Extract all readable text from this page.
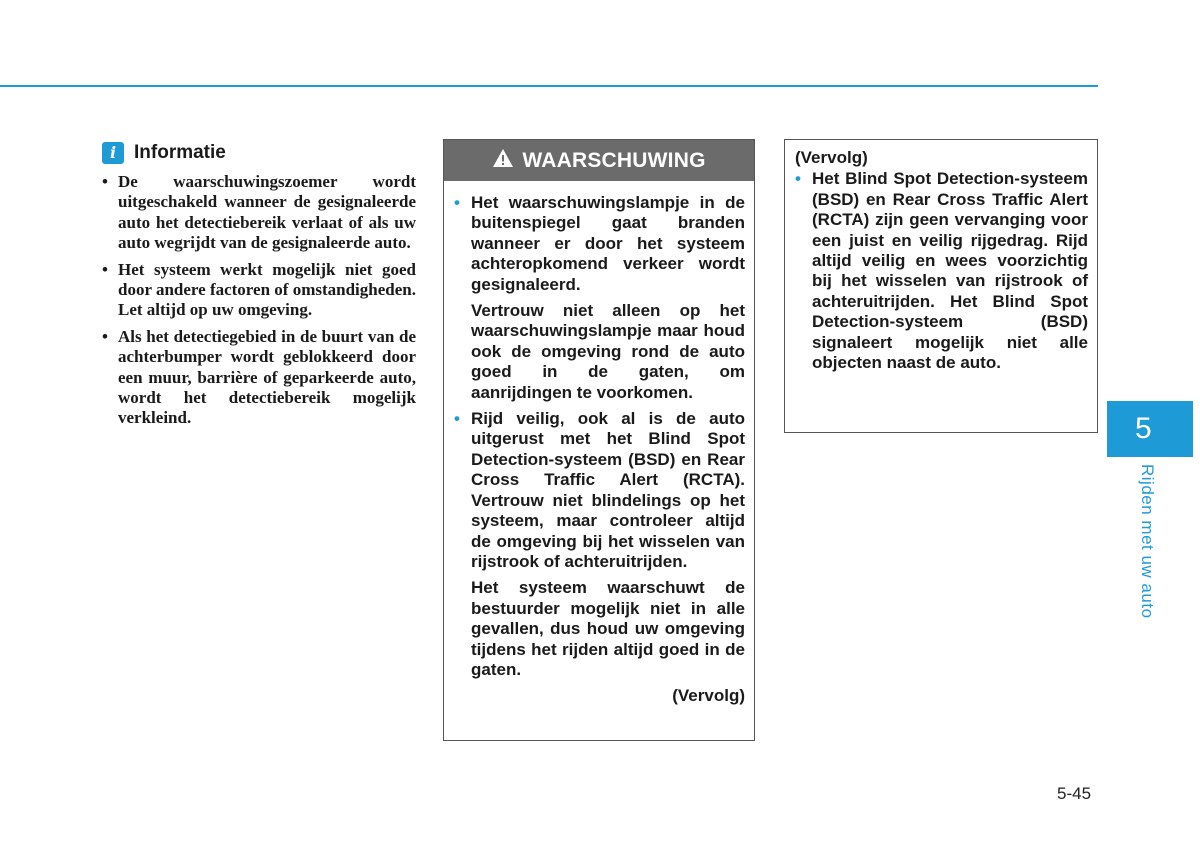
i Informatie
• De waarschuwingszoemer wordt uitgeschakeld wanneer de gesignaleerde auto het detectiebereik verlaat of als uw auto wegrijdt van de gesignaleerde auto.
• Het systeem werkt mogelijk niet goed door andere factoren of omstandigheden. Let altijd op uw omgeving.
• Als het detectiegebied in de buurt van de achterbumper wordt geblokkeerd door een muur, barrière of geparkeerde auto, wordt het detectiebereik mogelijk verkleind.
WAARSCHUWING
• Het waarschuwingslampje in de buitenspiegel gaat branden wanneer er door het systeem achteropkomend verkeer wordt gesignaleerd.
Vertrouw niet alleen op het waarschuwingslampje maar houd ook de omgeving rond de auto goed in de gaten, om aanrijdingen te voorkomen.
• Rijd veilig, ook al is de auto uitgerust met het Blind Spot Detection-systeem (BSD) en Rear Cross Traffic Alert (RCTA). Vertrouw niet blindelings op het systeem, maar controleer altijd de omgeving bij het wisselen van rijstrook of achteruitrijden.
Het systeem waarschuwt de bestuurder mogelijk niet in alle gevallen, dus houd uw omgeving tijdens het rijden altijd goed in de gaten.
(Vervolg)
(Vervolg)
• Het Blind Spot Detection-systeem (BSD) en Rear Cross Traffic Alert (RCTA) zijn geen vervanging voor een juist en veilig rijgedrag. Rijd altijd veilig en wees voorzichtig bij het wisselen van rijstrook of achteruitrijden. Het Blind Spot Detection-systeem (BSD) signaleert mogelijk niet alle objecten naast de auto.
5
Rijden met uw auto
5-45
